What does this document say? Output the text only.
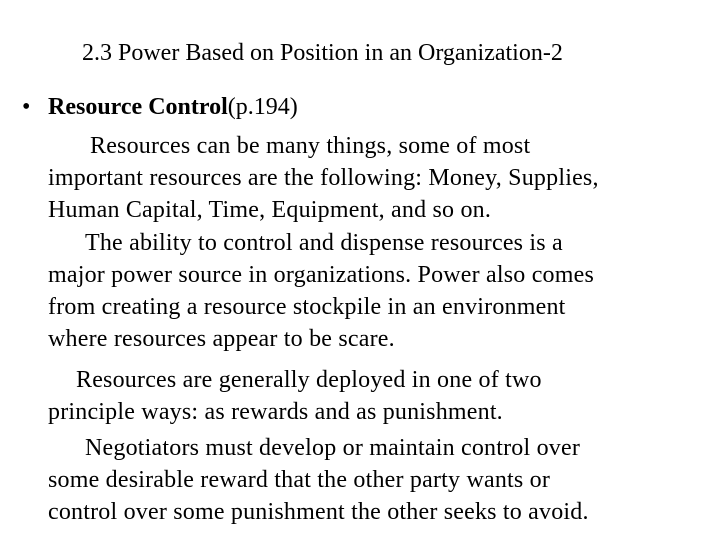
2.3 Power Based on Position in an Organization-2
• Resource Control(p.194)
Resources can be many things, some of most
important resources are the following: Money, Supplies,
Human Capital, Time, Equipment, and so on.
The ability to control and dispense resources is a
major power source in organizations. Power also comes
from creating a resource stockpile in an environment
where resources appear to be scare.
Resources are generally deployed in one of two
principle ways: as rewards and as punishment.
Negotiators must develop or maintain control over
some desirable reward that the other party wants or
control over some punishment the other seeks to avoid.
